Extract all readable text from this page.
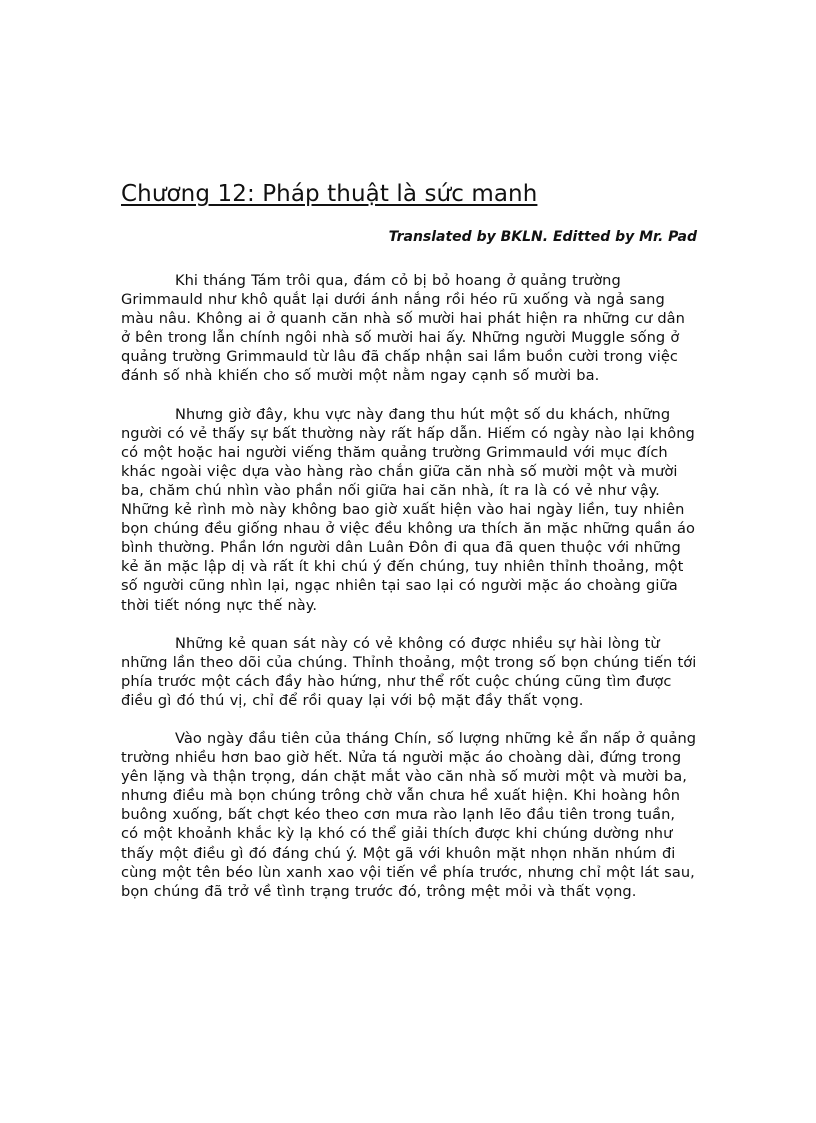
Chương 12: Pháp thuật là sức manh

Translated by BKLN. Editted by Mr. Pad

Khi tháng Tám trôi qua, đám cỏ bị bỏ hoang ở quảng trường Grimmauld như khô quắt lại dưới ánh nắng rồi héo rũ xuống và ngả sang màu nâu. Không ai ở quanh căn nhà số mười hai phát hiện ra những cư dân ở bên trong lẫn chính ngôi nhà số mười hai ấy. Những người Muggle sống ở quảng trường Grimmauld từ lâu đã chấp nhận sai lầm buồn cười trong việc đánh số nhà khiến cho số mười một nằm ngay cạnh số mười ba.

Nhưng giờ đây, khu vực này đang thu hút một số du khách, những người có vẻ thấy sự bất thường này rất hấp dẫn. Hiếm có ngày nào lại không có một hoặc hai người viếng thăm quảng trường Grimmauld với mục đích khác ngoài việc dựa vào hàng rào chắn giữa căn nhà số mười một và mười ba, chăm chú nhìn vào phần nối giữa hai căn nhà, ít ra là có vẻ như vậy. Những kẻ rình mò này không bao giờ xuất hiện vào hai ngày liền, tuy nhiên bọn chúng đều giống nhau ở việc đều không ưa thích ăn mặc những quần áo bình thường. Phần lớn người dân Luân Đôn đi qua đã quen thuộc với những kẻ ăn mặc lập dị và rất ít khi chú ý đến chúng, tuy nhiên thỉnh thoảng, một số người cũng nhìn lại, ngạc nhiên tại sao lại có người mặc áo choàng giữa thời tiết nóng nực thế này.

Những kẻ quan sát này có vẻ không có được nhiều sự hài lòng từ những lần theo dõi của chúng. Thỉnh thoảng, một trong số bọn chúng tiến tới phía trước một cách đầy hào hứng, như thể rốt cuộc chúng cũng tìm được điều gì đó thú vị, chỉ để rồi quay lại với bộ mặt đầy thất vọng.

Vào ngày đầu tiên của tháng Chín, số lượng những kẻ ẩn nấp ở quảng trường nhiều hơn bao giờ hết. Nửa tá người mặc áo choàng dài, đứng trong yên lặng và thận trọng, dán chặt mắt vào căn nhà số mười một và mười ba, nhưng điều mà bọn chúng trông chờ vẫn chưa hề xuất hiện. Khi hoàng hôn buông xuống, bất chợt kéo theo cơn mưa rào lạnh lẽo đầu tiên trong tuần, có một khoảnh khắc kỳ lạ khó có thể giải thích được khi chúng dường như thấy một điều gì đó đáng chú ý. Một gã với khuôn mặt nhọn nhăn nhúm đi cùng một tên béo lùn xanh xao vội tiến về phía trước, nhưng chỉ một lát sau, bọn chúng đã trở về tình trạng trước đó, trông mệt mỏi và thất vọng.
